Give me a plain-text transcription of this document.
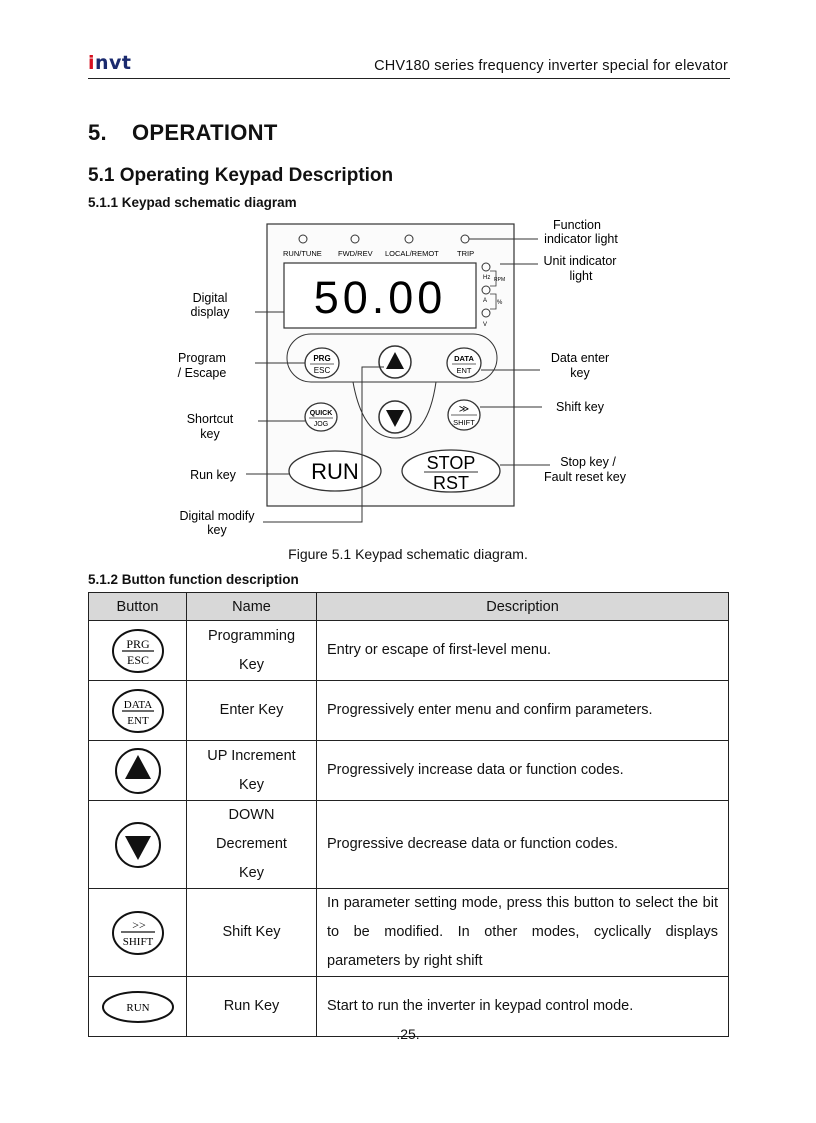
invt	CHV180 series frequency inverter special for elevator
5. OPERATIONT
5.1 Operating Keypad Description
5.1.1 Keypad schematic diagram
RUN/TUNE FWD/REV LOCAL/REMOT TRIP
50.00	Hz RPM
A %
V
PRG
ESC
DATA
ENT
QUICK
JOG
≫
SHIFT
RUN	STOP
RST
Function
indicator light
Unit indicator
light
Digital
display
Program
/ Escape
Data enter
key
Shortcut
key
Shift key
Run key
Stop key /
Fault reset key
Digital modify
key
Figure 5.1 Keypad schematic diagram.
5.1.2 Button function description
Button	Name	Description

PRG
ESC	Programming
Key	Entry or escape of first-level menu.

DATA
ENT	Enter Key	Progressively enter menu and confirm parameters.

	UP Increment
Key	Progressively increase data or function codes.

	DOWN
Decrement
Key	Progressive decrease data or function codes.

>>
SHIFT	Shift Key	In parameter setting mode, press this button to select the bit to be modified. In other modes, cyclically displays parameters by right shift

RUN	Run Key	Start to run the inverter in keypad control mode.
.25.
